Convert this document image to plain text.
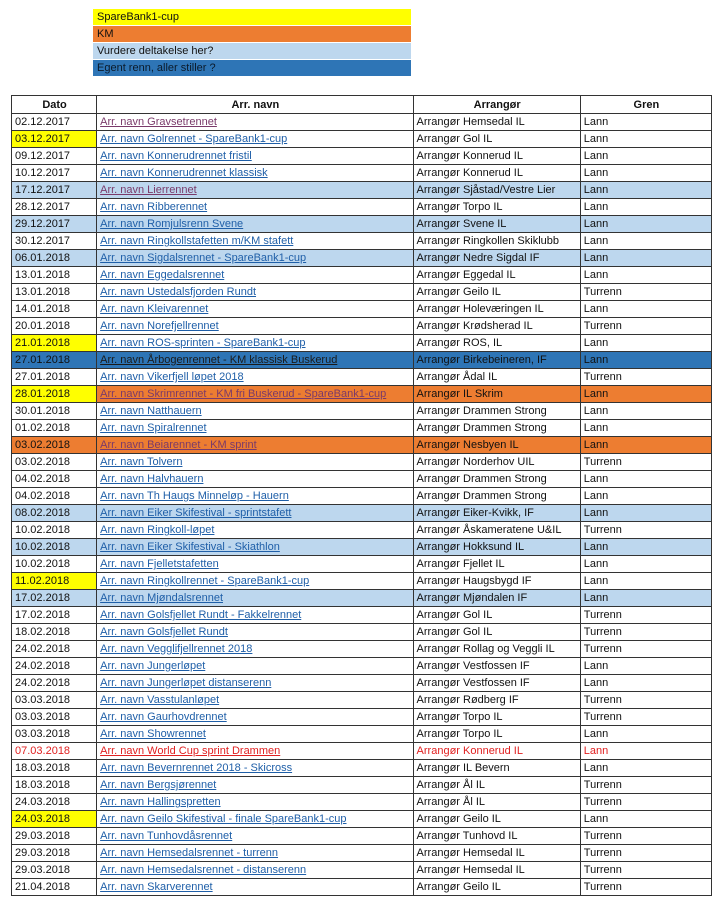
SpareBank1-cup
KM
Vurdere deltakelse her?
Egent renn, aller stiller ?
Dato	Arr. navn	Arrangør	Gren
02.12.2017	Arr. navn Gravsetrennet	Arrangør Hemsedal IL	Lann
03.12.2017	Arr. navn Golrennet - SpareBank1-cup	Arrangør Gol IL	Lann
09.12.2017	Arr. navn Konnerudrennet fristil	Arrangør Konnerud IL	Lann
10.12.2017	Arr. navn Konnerudrennet klassisk	Arrangør Konnerud IL	Lann
17.12.2017	Arr. navn Lierrennet	Arrangør Sjåstad/Vestre Lier	Lann
28.12.2017	Arr. navn Ribberennet	Arrangør Torpo IL	Lann
29.12.2017	Arr. navn Romjulsrenn Svene	Arrangør Svene IL	Lann
30.12.2017	Arr. navn Ringkollstafetten m/KM stafett	Arrangør Ringkollen Skiklubb	Lann
06.01.2018	Arr. navn Sigdalsrennet - SpareBank1-cup	Arrangør Nedre Sigdal IF	Lann
13.01.2018	Arr. navn Eggedalsrennet	Arrangør Eggedal IL	Lann
13.01.2018	Arr. navn Ustedalsfjorden Rundt	Arrangør Geilo IL	Turrenn
14.01.2018	Arr. navn Kleivarennet	Arrangør Holeværingen IL	Lann
20.01.2018	Arr. navn Norefjellrennet	Arrangør Krødsherad IL	Turrenn
21.01.2018	Arr. navn ROS-sprinten - SpareBank1-cup	Arrangør ROS, IL	Lann
27.01.2018	Arr. navn Årbogenrennet - KM klassisk Buskerud	Arrangør Birkebeineren, IF	Lann
27.01.2018	Arr. navn Vikerfjell løpet 2018	Arrangør Ådal IL	Turrenn
28.01.2018	Arr. navn Skrimrennet - KM fri Buskerud - SpareBank1-cup	Arrangør IL Skrim	Lann
30.01.2018	Arr. navn Natthauern	Arrangør Drammen Strong	Lann
01.02.2018	Arr. navn Spiralrennet	Arrangør Drammen Strong	Lann
03.02.2018	Arr. navn Beiarennet - KM sprint	Arrangør Nesbyen IL	Lann
03.02.2018	Arr. navn Tolvern	Arrangør Norderhov UIL	Turrenn
04.02.2018	Arr. navn Halvhauern	Arrangør Drammen Strong	Lann
04.02.2018	Arr. navn Th Haugs Minneløp - Hauern	Arrangør Drammen Strong	Lann
08.02.2018	Arr. navn Eiker Skifestival - sprintstafett	Arrangør Eiker-Kvikk, IF	Lann
10.02.2018	Arr. navn Ringkoll-løpet	Arrangør Åskameratene U&IL	Turrenn
10.02.2018	Arr. navn Eiker Skifestival - Skiathlon	Arrangør Hokksund IL	Lann
10.02.2018	Arr. navn Fjelletstafetten	Arrangør Fjellet IL	Lann
11.02.2018	Arr. navn Ringkollrennet - SpareBank1-cup	Arrangør Haugsbygd IF	Lann
17.02.2018	Arr. navn Mjøndalsrennet	Arrangør Mjøndalen IF	Lann
17.02.2018	Arr. navn Golsfjellet Rundt - Fakkelrennet	Arrangør Gol IL	Turrenn
18.02.2018	Arr. navn Golsfjellet Rundt	Arrangør Gol IL	Turrenn
24.02.2018	Arr. navn Vegglifjellrennet 2018	Arrangør Rollag og Veggli IL	Turrenn
24.02.2018	Arr. navn Jungerløpet	Arrangør Vestfossen IF	Lann
24.02.2018	Arr. navn Jungerløpet distanserenn	Arrangør Vestfossen IF	Lann
03.03.2018	Arr. navn Vasstulanløpet	Arrangør Rødberg IF	Turrenn
03.03.2018	Arr. navn Gaurhovdrennet	Arrangør Torpo IL	Turrenn
03.03.2018	Arr. navn Showrennet	Arrangør Torpo IL	Lann
07.03.2018	Arr. navn World Cup sprint Drammen	Arrangør Konnerud IL	Lann
18.03.2018	Arr. navn Bevernrennet 2018 - Skicross	Arrangør IL Bevern	Lann
18.03.2018	Arr. navn Bergsjørennet	Arrangør Ål IL	Turrenn
24.03.2018	Arr. navn Hallingspretten	Arrangør Ål IL	Turrenn
24.03.2018	Arr. navn Geilo Skifestival - finale SpareBank1-cup	Arrangør Geilo IL	Lann
29.03.2018	Arr. navn Tunhovdåsrennet	Arrangør Tunhovd IL	Turrenn
29.03.2018	Arr. navn Hemsedalsrennet - turrenn	Arrangør Hemsedal IL	Turrenn
29.03.2018	Arr. navn Hemsedalsrennet - distanserenn	Arrangør Hemsedal IL	Turrenn
21.04.2018	Arr. navn Skarverennet	Arrangør Geilo IL	Turrenn
